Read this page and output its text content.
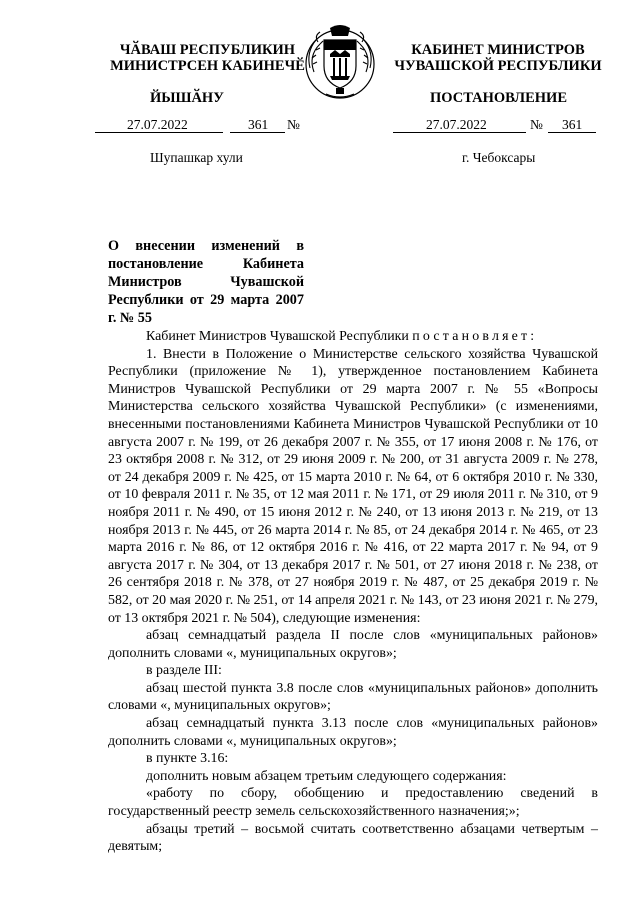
ЧӐВАШ РЕСПУБЛИКИН
МИНИСТРСЕН КАБИНЕЧӖ
КАБИНЕТ МИНИСТРОВ
ЧУВАШСКОЙ РЕСПУБЛИКИ
ЙЫШӐНУ	ПОСТАНОВЛЕНИЕ
27.07.2022	361 №
Шупашкар хули
27.07.2022	№ 361
г. Чебоксары
О внесении изменений в постановление Кабинета Министров Чувашской Республики от 29 марта 2007 г. № 55

Кабинет Министров Чувашской Республики постановляет:

1. Внести в Положение о Министерстве сельского хозяйства Чувашской Республики (приложение № 1), утвержденное постановлением Кабинета Министров Чувашской Республики от 29 марта 2007 г. № 55 «Вопросы Министерства сельского хозяйства Чувашской Республики» (с изменениями, внесенными постановлениями Кабинета Министров Чувашской Республики от 10 августа 2007 г. № 199, от 26 декабря 2007 г. № 355, от 17 июня 2008 г. № 176, от 23 октября 2008 г. № 312, от 29 июня 2009 г. № 200, от 31 августа 2009 г. № 278, от 24 декабря 2009 г. № 425, от 15 марта 2010 г. № 64, от 6 октября 2010 г. № 330, от 10 февраля 2011 г. № 35, от 12 мая 2011 г. № 171, от 29 июля 2011 г. № 310, от 9 ноября 2011 г. № 490, от 15 июня 2012 г. № 240, от 13 июня 2013 г. № 219, от 13 ноября 2013 г. № 445, от 26 марта 2014 г. № 85, от 24 декабря 2014 г. № 465, от 23 марта 2016 г. № 86, от 12 октября 2016 г. № 416, от 22 марта 2017 г. № 94, от 9 августа 2017 г. № 304, от 13 декабря 2017 г. № 501, от 27 июня 2018 г. № 238, от 26 сентября 2018 г. № 378, от 27 ноября 2019 г. № 487, от 25 декабря 2019 г. № 582, от 20 мая 2020 г. № 251, от 14 апреля 2021 г. № 143, от 23 июня 2021 г. № 279, от 13 октября 2021 г. № 504), следующие изменения:

абзац семнадцатый раздела II после слов «муниципальных районов» дополнить словами «, муниципальных округов»;

в разделе III:

абзац шестой пункта 3.8 после слов «муниципальных районов» дополнить словами «, муниципальных округов»;

абзац семнадцатый пункта 3.13 после слов «муниципальных районов» дополнить словами «, муниципальных округов»;

в пункте 3.16:

дополнить новым абзацем третьим следующего содержания:

«работу по сбору, обобщению и предоставлению сведений в государственный реестр земель сельскохозяйственного назначения;»;

абзацы третий – восьмой считать соответственно абзацами четвертым – девятым;
